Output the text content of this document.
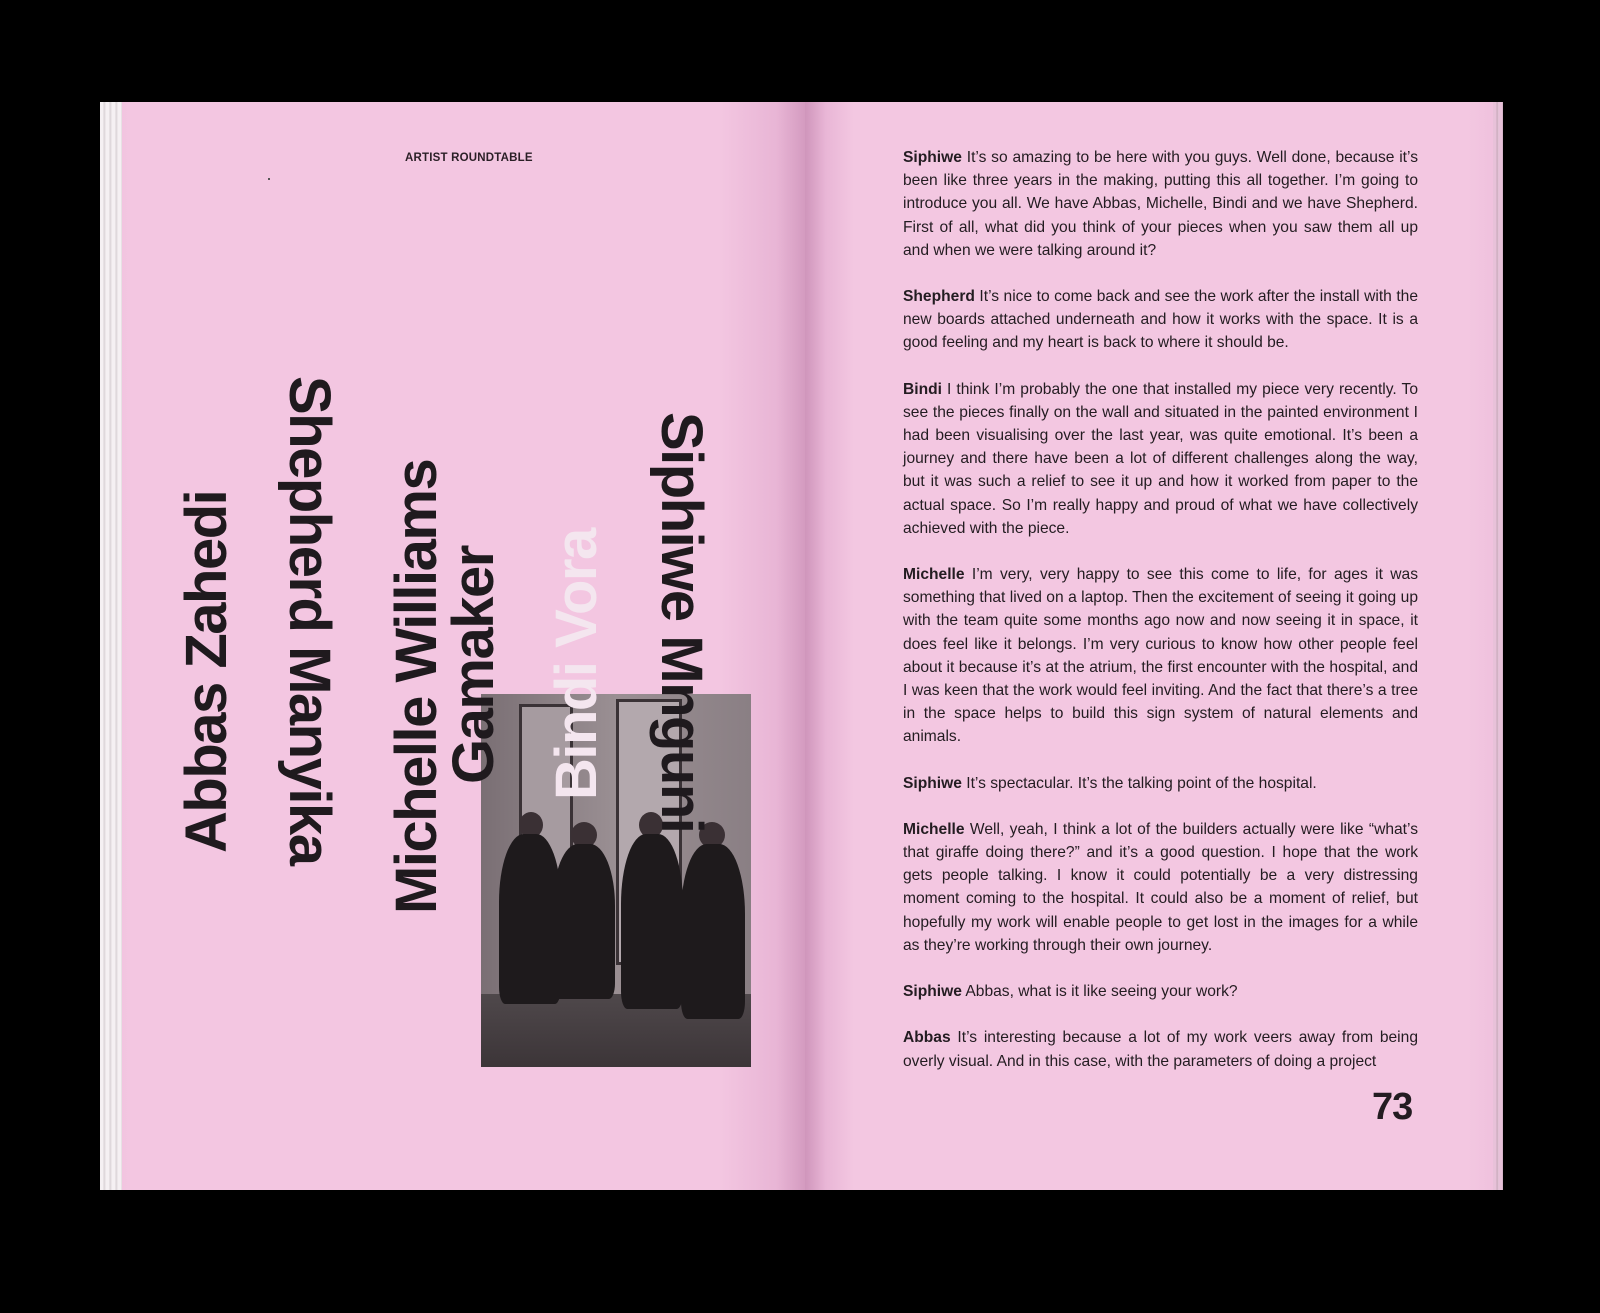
ARTIST ROUNDTABLE
Abbas Zahedi Shepherd Manyika Michelle Williams
Gamaker Bindi Vora Siphiwe Mnguni

Siphiwe It’s so amazing to be here with you guys. Well done, because it’s been like three years in the making, putting this all together. I’m going to introduce you all. We have Abbas, Michelle, Bindi and we have Shepherd. First of all, what did you think of your pieces when you saw them all up and when we were talking around it?

Shepherd It’s nice to come back and see the work after the install with the new boards attached underneath and how it works with the space. It is a good feeling and my heart is back to where it should be.

Bindi I think I’m probably the one that installed my piece very recently. To see the pieces finally on the wall and situated in the painted environment I had been visualising over the last year, was quite emotional. It’s been a journey and there have been a lot of different challenges along the way, but it was such a relief to see it up and how it worked from paper to the actual space. So I’m really happy and proud of what we have collectively achieved with the piece.

Michelle I’m very, very happy to see this come to life, for ages it was something that lived on a laptop. Then the excitement of seeing it going up with the team quite some months ago now and now seeing it in space, it does feel like it belongs. I’m very curious to know how other people feel about it because it’s at the atrium, the first encounter with the hospital, and I was keen that the work would feel inviting. And the fact that there’s a tree in the space helps to build this sign system of natural elements and animals.

Siphiwe It’s spectacular. It’s the talking point of the hospital.

Michelle Well, yeah, I think a lot of the builders actually were like “what’s that giraffe doing there?” and it’s a good question. I hope that the work gets people talking. I know it could potentially be a very distressing moment coming to the hospital. It could also be a moment of relief, but hopefully my work will enable people to get lost in the images for a while as they’re working through their own journey.

Siphiwe Abbas, what is it like seeing your work?

Abbas It’s interesting because a lot of my work veers away from being overly visual. And in this case, with the parameters of doing a project

73
